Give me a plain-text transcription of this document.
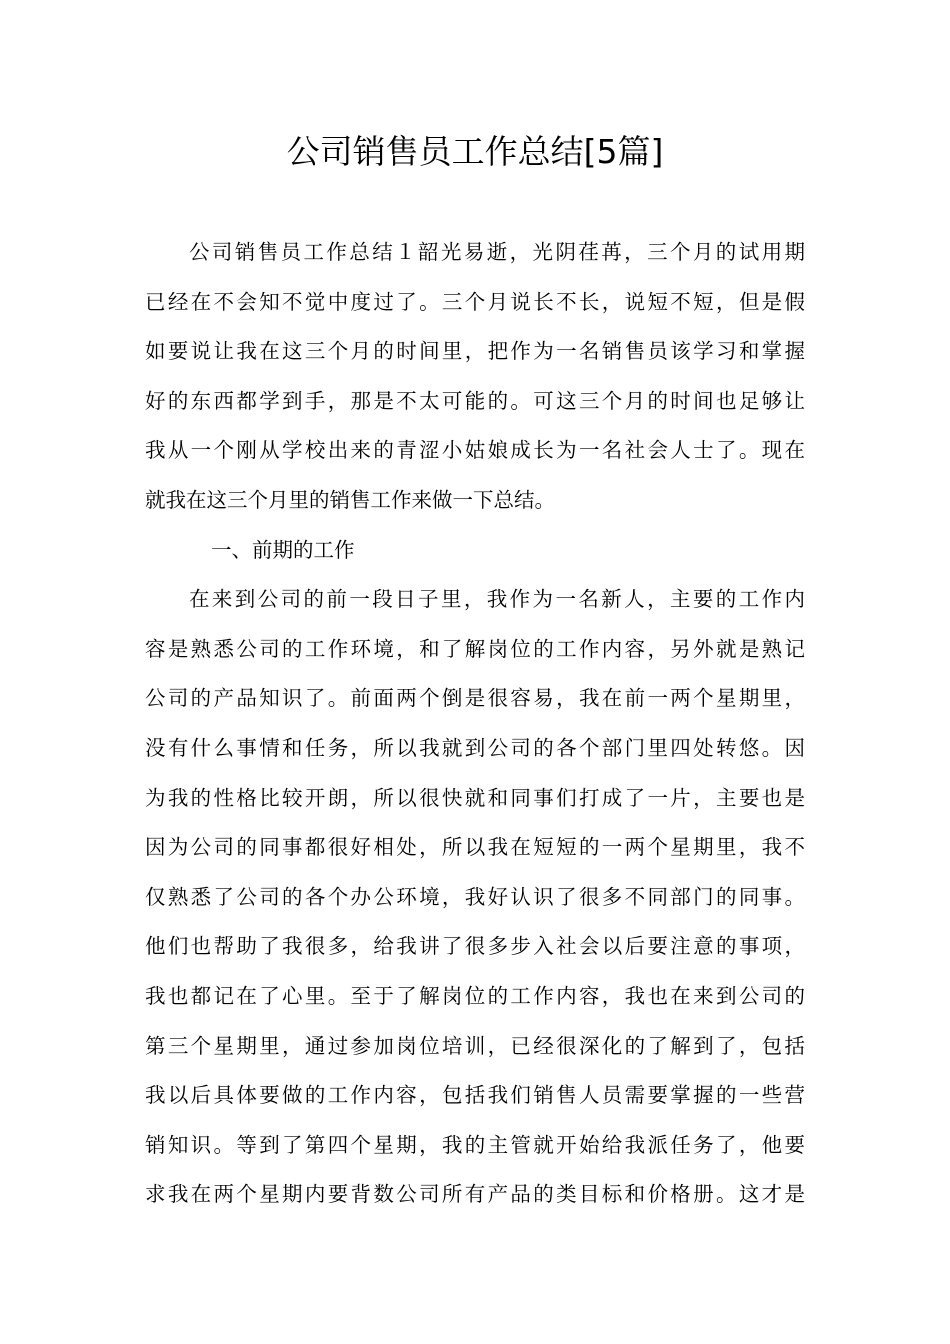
公司销售员工作总结[5篇]
公司销售员工作总结１韶光易逝，光阴荏苒，三个月的试用期
已经在不会知不觉中度过了。三个月说长不长，说短不短，但是假
如要说让我在这三个月的时间里，把作为一名销售员该学习和掌握
好的东西都学到手，那是不太可能的。可这三个月的时间也足够让
我从一个刚从学校出来的青涩小姑娘成长为一名社会人士了。现在
就我在这三个月里的销售工作来做一下总结。
一、前期的工作
在来到公司的前一段日子里，我作为一名新人，主要的工作内
容是熟悉公司的工作环境，和了解岗位的工作内容，另外就是熟记
公司的产品知识了。前面两个倒是很容易，我在前一两个星期里，
没有什么事情和任务，所以我就到公司的各个部门里四处转悠。因
为我的性格比较开朗，所以很快就和同事们打成了一片，主要也是
因为公司的同事都很好相处，所以我在短短的一两个星期里，我不
仅熟悉了公司的各个办公环境，我好认识了很多不同部门的同事。
他们也帮助了我很多，给我讲了很多步入社会以后要注意的事项，
我也都记在了心里。至于了解岗位的工作内容，我也在来到公司的
第三个星期里，通过参加岗位培训，已经很深化的了解到了，包括
我以后具体要做的工作内容，包括我们销售人员需要掌握的一些营
销知识。等到了第四个星期，我的主管就开始给我派任务了，他要
求我在两个星期内要背数公司所有产品的类目标和价格册。这才是
